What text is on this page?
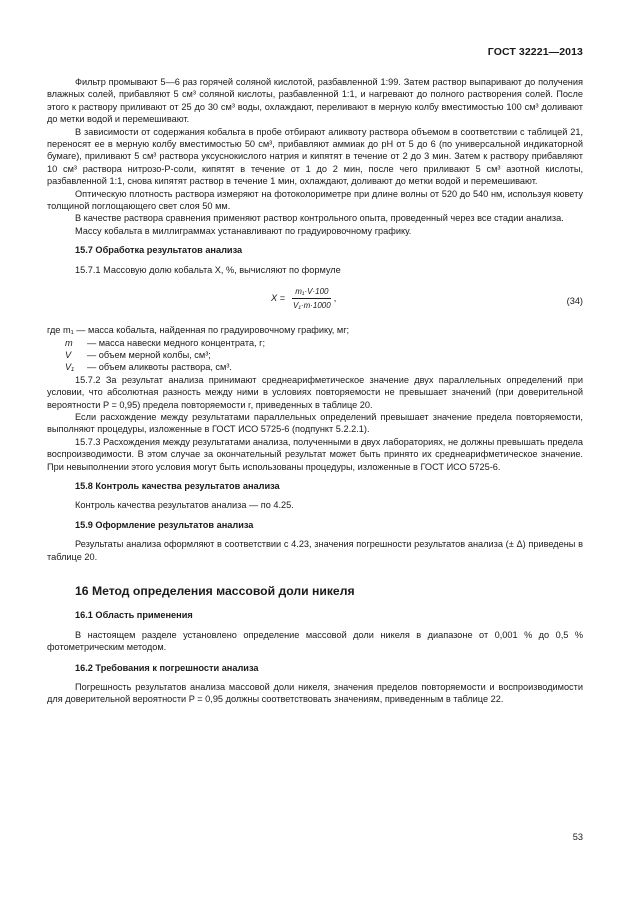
ГОСТ 32221—2013

Фильтр промывают 5—6 раз горячей соляной кислотой, разбавленной 1:99. Затем раствор выпаривают до получения влажных солей, прибавляют 5 см³ соляной кислоты, разбавленной 1:1, и нагревают до полного растворения солей. После этого к раствору приливают от 25 до 30 см³ воды, охлаждают, переливают в мерную колбу вместимостью 100 см³ доливают до метки водой и перемешивают.

В зависимости от содержания кобальта в пробе отбирают аликвоту раствора объемом в соответствии с таблицей 21, переносят ее в мерную колбу вместимостью 50 см³, прибавляют аммиак до рН от 5 до 6 (по универсальной индикаторной бумаге), приливают 5 см³ раствора уксуснокислого натрия и кипятят в течение от 2 до 3 мин. Затем к раствору прибавляют 10 см³ раствора нитрозо-Р-соли, кипятят в течение от 1 до 2 мин, после чего приливают 5 см³ азотной кислоты, разбавленной 1:1, снова кипятят раствор в течение 1 мин, охлаждают, доливают до метки водой и перемешивают.

Оптическую плотность раствора измеряют на фотоколориметре при длине волны от 520 до 540 нм, используя кювету толщиной поглощающего свет слоя 50 мм.

В качестве раствора сравнения применяют раствор контрольного опыта, проведенный через все стадии анализа.

Массу кобальта в миллиграммах устанавливают по градуировочному графику.

15.7 Обработка результатов анализа

15.7.1 Массовую долю кобальта X, %, вычисляют по формуле

$X = \frac{\text{m₁·V·100}}{\text{V₁·m·1000}}$ ,	(34)

где m₁ — масса кобальта, найденная по градуировочному графику, мг;

m — масса навески медного концентрата, г;

V — объем мерной колбы, см³;

V₁ — объем аликвоты раствора, см³.

15.7.2 За результат анализа принимают среднеарифметическое значение двух параллельных определений при условии, что абсолютная разность между ними в условиях повторяемости не превышает значений (при доверительной вероятности P = 0,95) предела повторяемости r, приведенных в таблице 20.

Если расхождение между результатами параллельных определений превышает значение предела повторяемости, выполняют процедуры, изложенные в ГОСТ ИСО 5725-6 (подпункт 5.2.2.1).

15.7.3 Расхождения между результатами анализа, полученными в двух лабораториях, не должны превышать предела воспроизводимости. В этом случае за окончательный результат может быть принято их среднеарифметическое значение. При невыполнении этого условия могут быть использованы процедуры, изложенные в ГОСТ ИСО 5725-6.

15.8 Контроль качества результатов анализа

Контроль качества результатов анализа — по 4.25.

15.9 Оформление результатов анализа

Результаты анализа оформляют в соответствии с 4.23, значения погрешности результатов анализа (± Δ) приведены в таблице 20.

16 Метод определения массовой доли никеля

16.1 Область применения

В настоящем разделе установлено определение массовой доли никеля в диапазоне от 0,001 % до 0,5 % фотометрическим методом.

16.2 Требования к погрешности анализа

Погрешность результатов анализа массовой доли никеля, значения пределов повторяемости и воспроизводимости для доверительной вероятности P = 0,95 должны соответствовать значениям, приведенным в таблице 22.

53
